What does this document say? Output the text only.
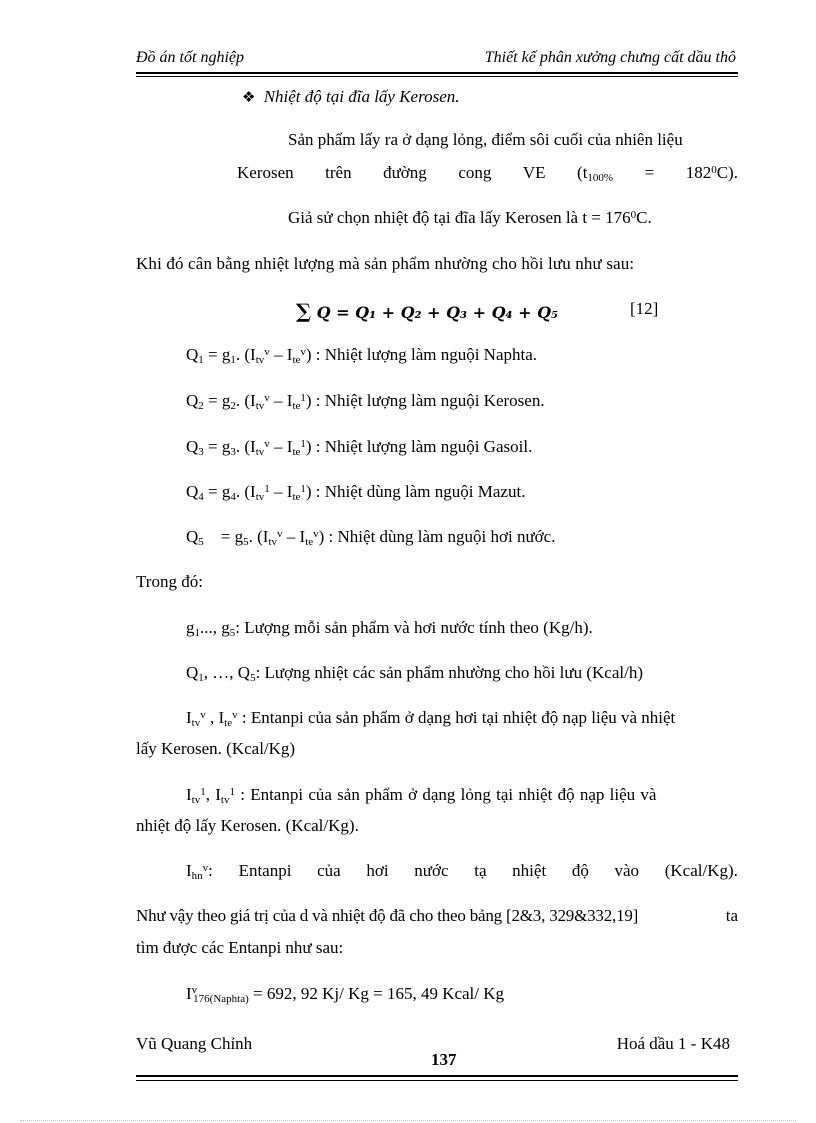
Đồ án tốt nghiệp	Thiết kế phân xưởng chưng cất dầu thô
❖ Nhiệt độ tại đĩa lấy Kerosen.
Sản phẩm lấy ra ở dạng lỏng, điểm sôi cuối của nhiên liệu
Kerosen trên đường cong VE $(t_{100\%} = 182^0C)$.
Giả sử chọn nhiệt độ tại đĩa lấy Kerosen là $t = 176^0C$.
Khi đó cân bằng nhiệt lượng mà sản phẩm nhường cho hồi lưu như sau:
∑ Q = Q₁ + Q₂ + Q₃ + Q₄ + Q₅	[12]
$Q_1 = g_1$. $(I_{tv}^v - I_{te}^v)$ : Nhiệt lượng làm nguội Naphta.
$Q_2 = g_2$. $(I_{tv}^v - I_{te}^1)$ : Nhiệt lượng làm nguội Kerosen.
$Q_3 = g_3$. $(I_{tv}^v - I_{te}^1)$ : Nhiệt lượng làm nguội Gasoil.
$Q_4 = g_4$. $(I_{tv}^1 - I_{te}^1)$ : Nhiệt dùng làm nguội Mazut.
$Q_5$    = $g_5$. $(I_{tv}^v - I_{te}^v)$ : Nhiệt dùng làm nguội hơi nước.
Trong đó:
$g_1$..., $g_5$: Lượng mỗi sản phẩm và hơi nước tính theo (Kg/h).
$Q_1$, …, $Q_5$: Lượng nhiệt các sản phẩm nhường cho hồi lưu (Kcal/h)
$I_{tv}^v$ , $I_{te}^v$ : Entanpi của sản phẩm ở dạng hơi tại nhiệt độ nạp liệu và nhiệt
lấy Kerosen. (Kcal/Kg)
$I_{tv}^1$, $I_{tv}^1$ : Entanpi của sản phẩm ở dạng lỏng tại nhiệt độ nạp liệu và
nhiệt độ lấy Kerosen. (Kcal/Kg).
$I_{hn}^v$: Entanpi của hơi nước tạ nhiệt độ vào (Kcal/Kg).
Như vậy theo giá trị của d và nhiệt độ đã cho theo bảng [2&3, 329&332,19]	ta
tìm được các Entanpi như sau:
$I^v_{176(Naphta)} = 692$, 92 Kj/ Kg = 165, 49 Kcal/ Kg
Vũ Quang Chỉnh	Hoá dầu 1 - K48
137
